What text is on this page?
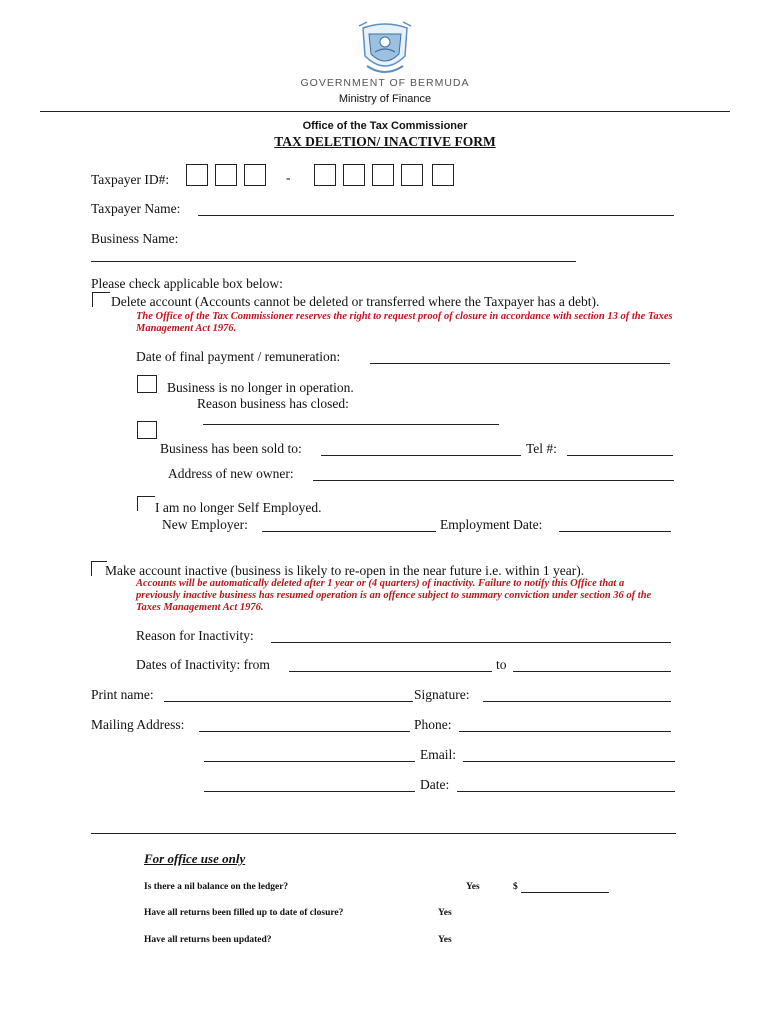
GOVERNMENT OF BERMUDA
Ministry of Finance
Office of the Tax Commissioner
TAX DELETION/ INACTIVE FORM
Taxpayer ID#:	-
Taxpayer Name:
Business Name:
Please check applicable box below:
Delete account (Accounts cannot be deleted or transferred where the Taxpayer has a debt).
The Office of the Tax Commissioner reserves the right to request proof of closure in accordance with section 13 of the Taxes Management Act 1976.
Date of final payment / remuneration:
Business is no longer in operation.
Reason business has closed:
Business has been sold to:	Tel #:
Address of new owner:
I am no longer Self Employed.
New Employer:	Employment Date:
Make account inactive (business is likely to re-open in the near future i.e. within 1 year).
Accounts will be automatically deleted after 1 year or (4 quarters) of inactivity. Failure to notify this Office that a previously inactive business has resumed operation is an offence subject to summary conviction under section 36 of the Taxes Management Act 1976.
Reason for Inactivity:
Dates of Inactivity: from	to
Print name:	Signature:
Mailing Address:	Phone:
Email:
Date:
For office use only
Is there a nil balance on the ledger?	Yes	$
Have all returns been filled up to date of closure?	Yes
Have all returns been updated?	Yes
